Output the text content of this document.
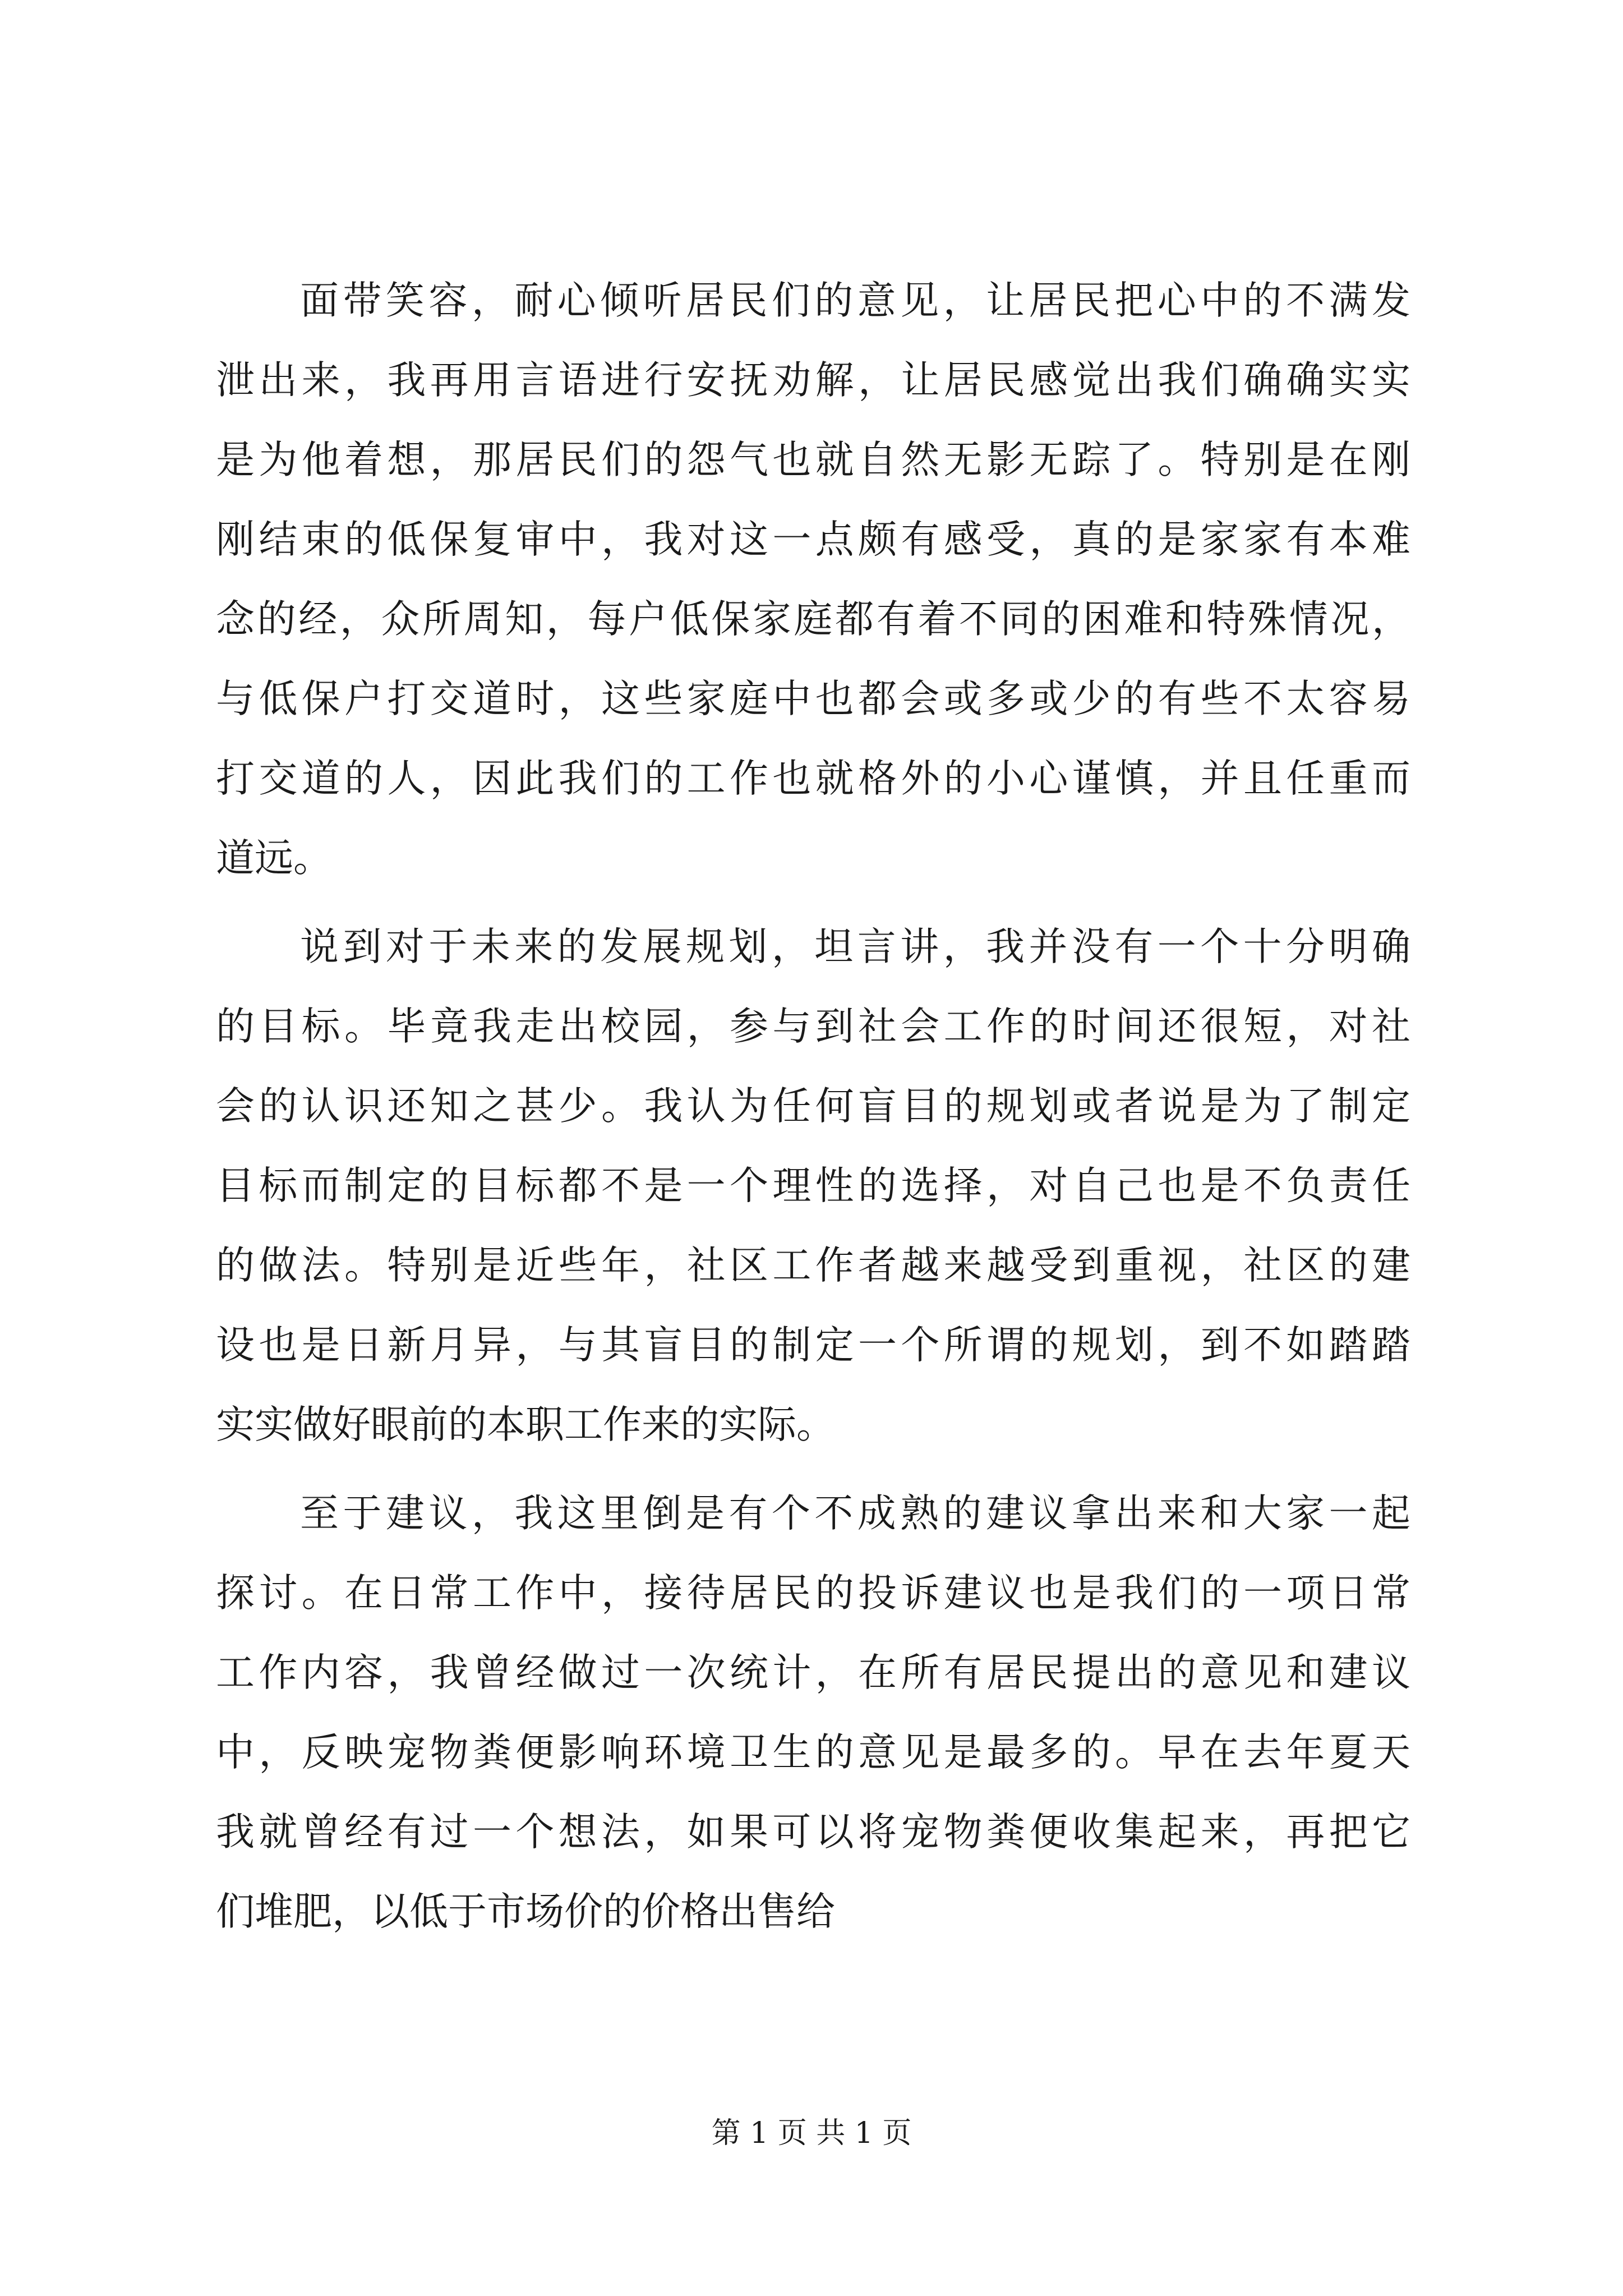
面带笑容，耐心倾听居民们的意见，让居民把心中的不满发
泄出来，我再用言语进行安抚劝解，让居民感觉出我们确确实实
是为他着想，那居民们的怨气也就自然无影无踪了。特别是在刚
刚结束的低保复审中，我对这一点颇有感受，真的是家家有本难
念的经，众所周知，每户低保家庭都有着不同的困难和特殊情况，
与低保户打交道时，这些家庭中也都会或多或少的有些不太容易
打交道的人，因此我们的工作也就格外的小心谨慎，并且任重而
道远。
说到对于未来的发展规划，坦言讲，我并没有一个十分明确
的目标。毕竟我走出校园，参与到社会工作的时间还很短，对社
会的认识还知之甚少。我认为任何盲目的规划或者说是为了制定
目标而制定的目标都不是一个理性的选择，对自己也是不负责任
的做法。特别是近些年，社区工作者越来越受到重视，社区的建
设也是日新月异，与其盲目的制定一个所谓的规划，到不如踏踏
实实做好眼前的本职工作来的实际。
至于建议，我这里倒是有个不成熟的建议拿出来和大家一起
探讨。在日常工作中，接待居民的投诉建议也是我们的一项日常
工作内容，我曾经做过一次统计，在所有居民提出的意见和建议
中，反映宠物粪便影响环境卫生的意见是最多的。早在去年夏天
我就曾经有过一个想法，如果可以将宠物粪便收集起来，再把它
们堆肥，以低于市场价的价格出售给
第 1 页 共 1 页
